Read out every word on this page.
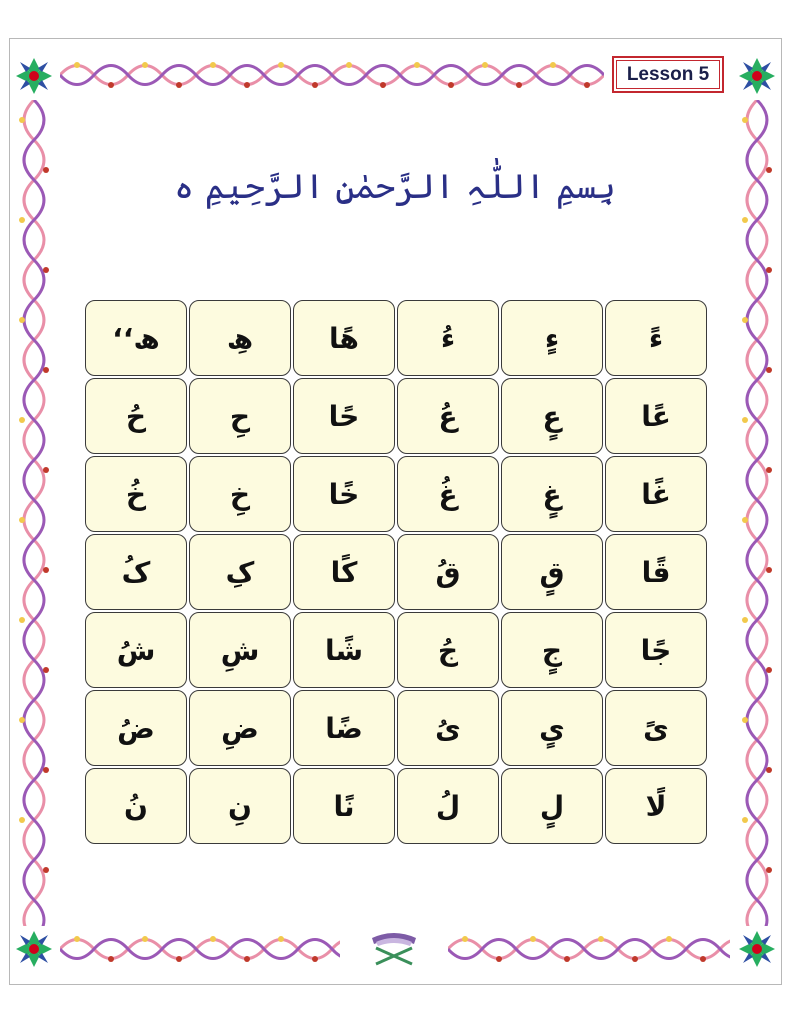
Lesson 5
بِسمِ اللّٰہِ الرَّحمٰنِ الرَّحِیمِ ہ
ھ‘‘	ھِ	ھًا	ءُ	ءٍ	ءً
حُ	حِ	حًا	عُ	عٍ	عًا
خُ	خِ	خًا	غُ	غٍ	غًا
کُ	کِ	کًا	قُ	قٍ	قًا
شُ	شِ	شًا	جُ	جٍ	جًا
ضُ	ضِ	ضًا	یُ	یٍ	یً
نُ	نِ	نًا	لُ	لٍ	لًا
